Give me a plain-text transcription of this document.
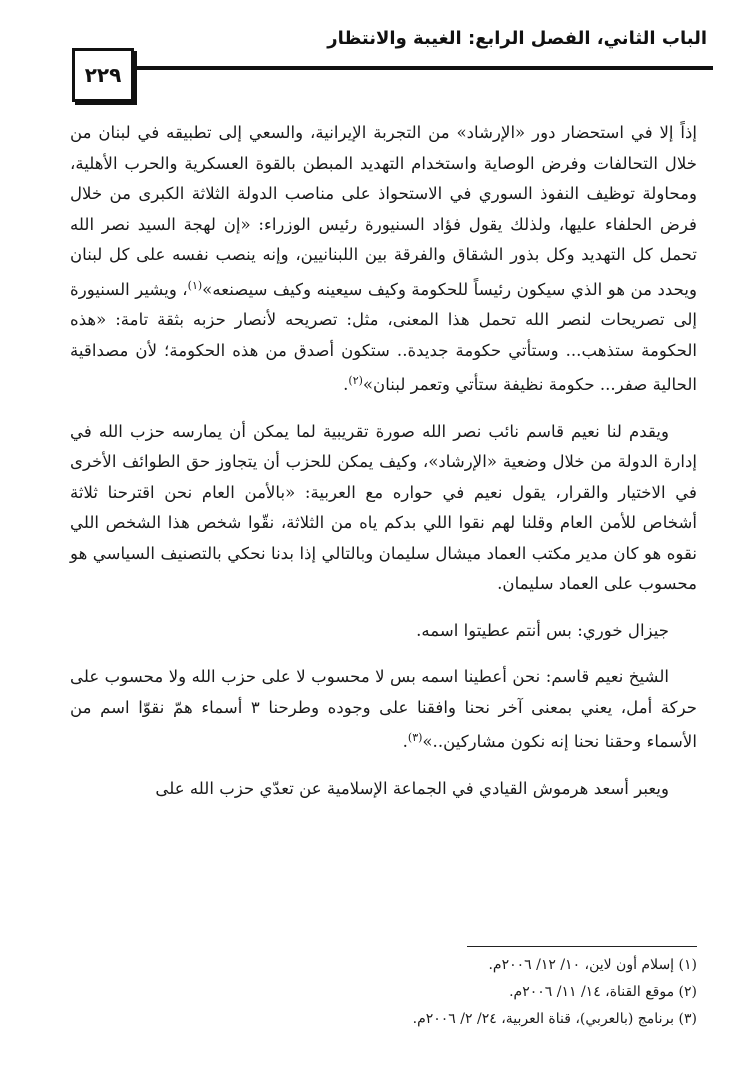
الباب الثاني، الفصل الرابع: الغيبة والانتظار
٢٢٩

إذاً إلا في استحضار دور «الإرشاد» من التجربة الإيرانية، والسعي إلى تطبيقه في لبنان من خلال التحالفات وفرض الوصاية واستخدام التهديد المبطن بالقوة العسكرية والحرب الأهلية، ومحاولة توظيف النفوذ السوري في الاستحواذ على مناصب الدولة الثلاثة الكبرى من خلال فرض الحلفاء عليها، ولذلك يقول فؤاد السنيورة رئيس الوزراء: «إن لهجة السيد نصر الله تحمل كل التهديد وكل بذور الشقاق والفرقة بين اللبنانيين، وإنه ينصب نفسه على كل لبنان ويحدد من هو الذي سيكون رئيساً للحكومة وكيف سيعينه وكيف سيصنعه»$^{(١)}$، ويشير السنيورة إلى تصريحات لنصر الله تحمل هذا المعنى، مثل: تصريحه لأنصار حزبه بثقة تامة: «هذه الحكومة ستذهب... وستأتي حكومة جديدة.. ستكون أصدق من هذه الحكومة؛ لأن مصداقية الحالية صفر... حكومة نظيفة ستأتي وتعمر لبنان»$^{(٢)}$.

ويقدم لنا نعيم قاسم نائب نصر الله صورة تقريبية لما يمكن أن يمارسه حزب الله في إدارة الدولة من خلال وضعية «الإرشاد»، وكيف يمكن للحزب أن يتجاوز حق الطوائف الأخرى في الاختيار والقرار، يقول نعيم في حواره مع العربية: «بالأمن العام نحن اقترحنا ثلاثة أشخاص للأمن العام وقلنا لهم نقوا اللي بدكم ياه من الثلاثة، نقّوا شخص هذا الشخص اللي نقوه هو كان مدير مكتب العماد ميشال سليمان وبالتالي إذا بدنا نحكي بالتصنيف السياسي هو محسوب على العماد سليمان.

جيزال خوري: بس أنتم عطيتوا اسمه.

الشيخ نعيم قاسم: نحن أعطينا اسمه بس لا محسوب لا على حزب الله ولا محسوب على حركة أمل، يعني بمعنى آخر نحنا وافقنا على وجوده وطرحنا ٣ أسماء همّ نقوّا اسم من الأسماء وحقنا نحنا إنه نكون مشاركين..»$^{(٣)}$.

ويعبر أسعد هرموش القيادي في الجماعة الإسلامية عن تعدّي حزب الله على

(١) إسلام أون لاين، ١٠/ ١٢/ ٢٠٠٦م.
(٢) موقع القناة، ١٤/ ١١/ ٢٠٠٦م.
(٣) برنامج (بالعربي)، قناة العربية، ٢٤/ ٢/ ٢٠٠٦م.
